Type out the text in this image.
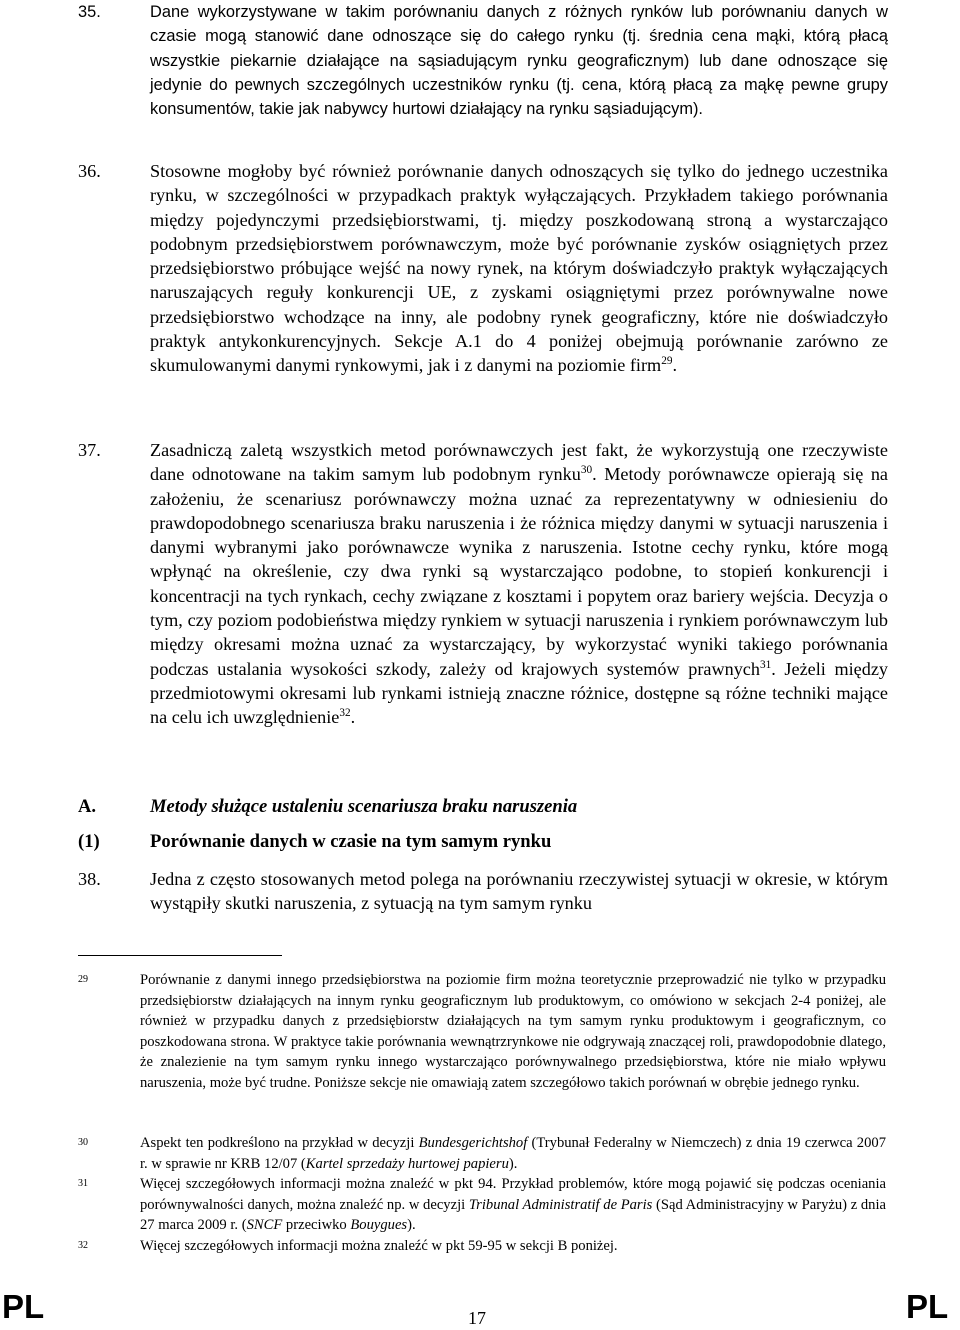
35.	Dane wykorzystywane w takim porównaniu danych z różnych rynków lub porównaniu danych w czasie mogą stanowić dane odnoszące się do całego rynku (tj. średnia cena mąki, którą płacą wszystkie piekarnie działające na sąsiadującym rynku geograficznym) lub dane odnoszące się jedynie do pewnych szczególnych uczestników rynku (tj. cena, którą płacą za mąkę pewne grupy konsumentów, takie jak nabywcy hurtowi działający na rynku sąsiadującym).
36.	Stosowne mogłoby być również porównanie danych odnoszących się tylko do jednego uczestnika rynku, w szczególności w przypadkach praktyk wyłączających. Przykładem takiego porównania między pojedynczymi przedsiębiorstwami, tj. między poszkodowaną stroną a wystarczająco podobnym przedsiębiorstwem porównawczym, może być porównanie zysków osiągniętych przez przedsiębiorstwo próbujące wejść na nowy rynek, na którym doświadczyło praktyk wyłączających naruszających reguły konkurencji UE, z zyskami osiągniętymi przez porównywalne nowe przedsiębiorstwo wchodzące na inny, ale podobny rynek geograficzny, które nie doświadczyło praktyk antykonkurencyjnych. Sekcje A.1 do 4 poniżej obejmują porównanie zarówno ze skumulowanymi danymi rynkowymi, jak i z danymi na poziomie firm$^{29}$.
37.	Zasadniczą zaletą wszystkich metod porównawczych jest fakt, że wykorzystują one rzeczywiste dane odnotowane na takim samym lub podobnym rynku$^{30}$. Metody porównawcze opierają się na założeniu, że scenariusz porównawczy można uznać za reprezentatywny w odniesieniu do prawdopodobnego scenariusza braku naruszenia i że różnica między danymi w sytuacji naruszenia i danymi wybranymi jako porównawcze wynika z naruszenia. Istotne cechy rynku, które mogą wpłynąć na określenie, czy dwa rynki są wystarczająco podobne, to stopień konkurencji i koncentracji na tych rynkach, cechy związane z kosztami i popytem oraz bariery wejścia. Decyzja o tym, czy poziom podobieństwa między rynkiem w sytuacji naruszenia i rynkiem porównawczym lub między okresami można uznać za wystarczający, by wykorzystać wyniki takiego porównania podczas ustalania wysokości szkody, zależy od krajowych systemów prawnych$^{31}$. Jeżeli między przedmiotowymi okresami lub rynkami istnieją znaczne różnice, dostępne są różne techniki mające na celu ich uwzględnienie$^{32}$.
A.	Metody służące ustaleniu scenariusza braku naruszenia
(1)	Porównanie danych w czasie na tym samym rynku
38.	Jedna z często stosowanych metod polega na porównaniu rzeczywistej sytuacji w okresie, w którym wystąpiły skutki naruszenia, z sytuacją na tym samym rynku
29	Porównanie z danymi innego przedsiębiorstwa na poziomie firm można teoretycznie przeprowadzić nie tylko w przypadku przedsiębiorstw działających na innym rynku geograficznym lub produktowym, co omówiono w sekcjach 2-4 poniżej, ale również w przypadku danych z przedsiębiorstw działających na tym samym rynku produktowym i geograficznym, co poszkodowana strona. W praktyce takie porównania wewnątrzrynkowe nie odgrywają znaczącej roli, prawdopodobnie dlatego, że znalezienie na tym samym rynku innego wystarczająco porównywalnego przedsiębiorstwa, które nie miało wpływu naruszenia, może być trudne. Poniższe sekcje nie omawiają zatem szczegółowo takich porównań w obrębie jednego rynku.
30	Aspekt ten podkreślono na przykład w decyzji Bundesgerichtshof (Trybunał Federalny w Niemczech) z dnia 19 czerwca 2007 r. w sprawie nr KRB 12/07 (Kartel sprzedaży hurtowej papieru).
31	Więcej szczegółowych informacji można znaleźć w pkt 94. Przykład problemów, które mogą pojawić się podczas oceniania porównywalności danych, można znaleźć np. w decyzji Tribunal Administratif de Paris (Sąd Administracyjny w Paryżu) z dnia 27 marca 2009 r. (SNCF przeciwko Bouygues).
32	Więcej szczegółowych informacji można znaleźć w pkt 59-95 w sekcji B poniżej.
PL	17	PL
